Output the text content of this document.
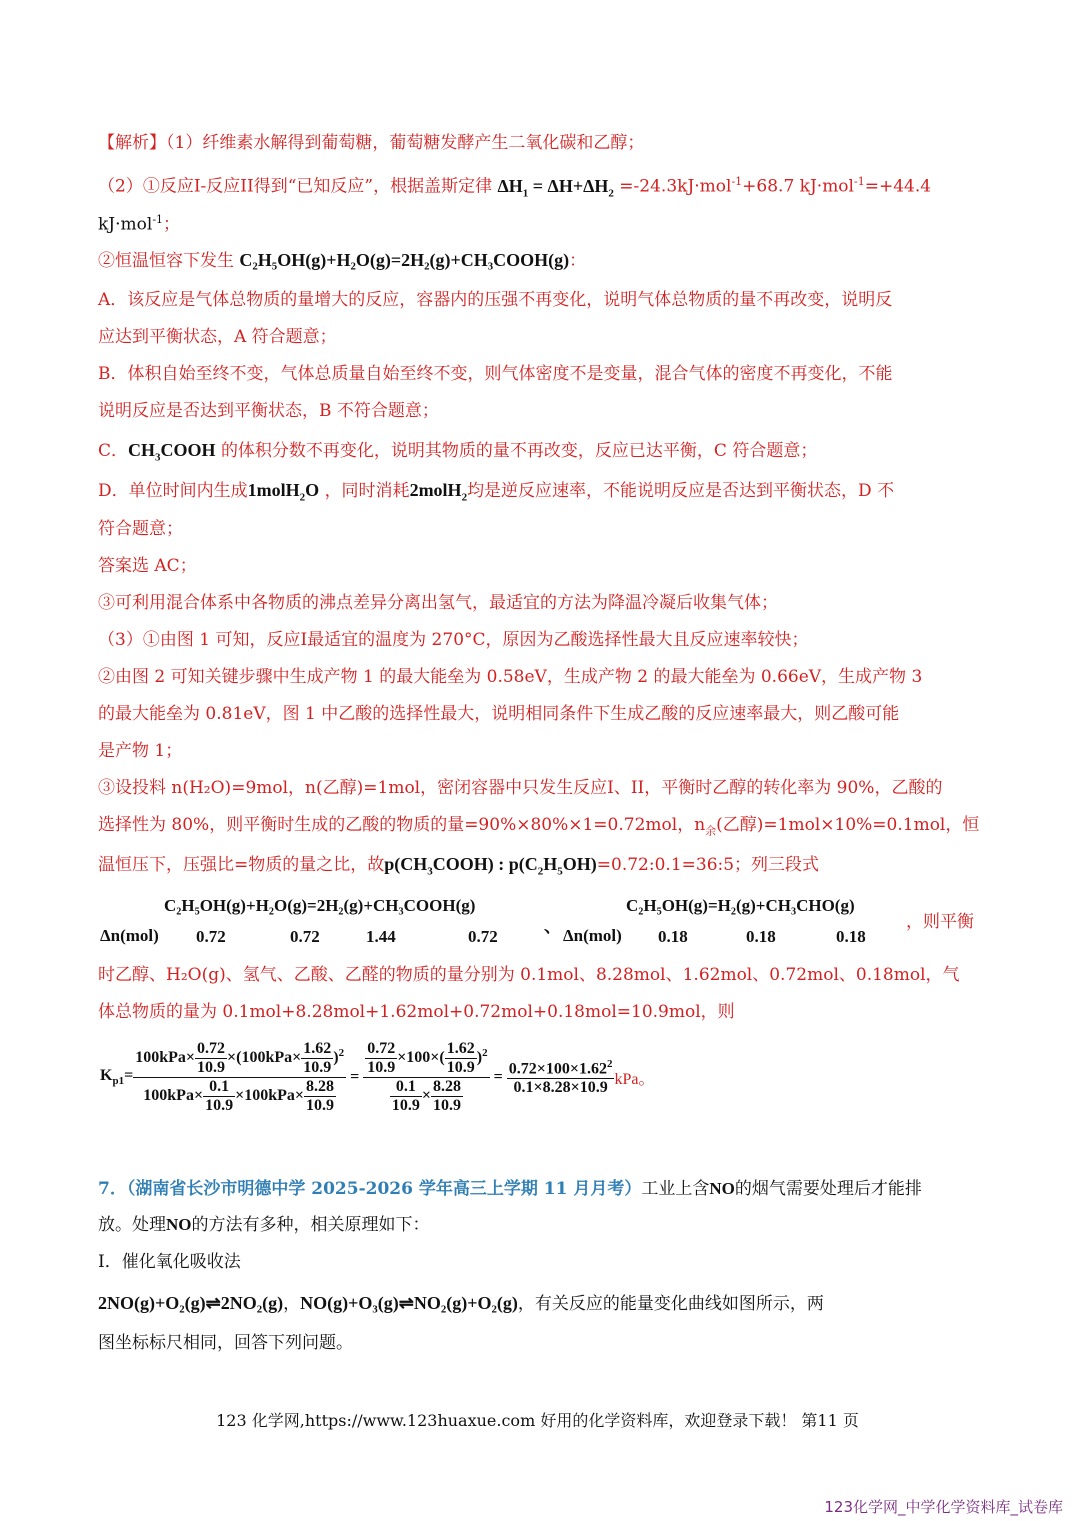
【解析】（1）纤维素水解得到葡萄糖，葡萄糖发酵产生二氧化碳和乙醇；
（2）①反应I-反应II得到“已知反应”，根据盖斯定律 $\Delta H_1 = \Delta H+\Delta H_2 =-24.3kJ\cdot mol^{-1}+68.7$ kJ·mol$^{-1}$=+44.4
kJ·mol$^{-1}$；
②恒温恒容下发生 C₂H₅OH(g)+H₂O(g)=2H₂(g)+CH₃COOH(g)：
A．该反应是气体总物质的量增大的反应，容器内的压强不再变化，说明气体总物质的量不再改变，说明反
应达到平衡状态，A 符合题意；
B．体积自始至终不变，气体总质量自始至终不变，则气体密度不是变量，混合气体的密度不再变化，不能
说明反应是否达到平衡状态，B 不符合题意；
C．$CH_3COOH$ 的体积分数不再变化，说明其物质的量不再改变，反应已达平衡，C 符合题意；
D．单位时间内生成1molH$_2$O ，同时消耗2molH$_2$均是逆反应速率，不能说明反应是否达到平衡状态，D 不
符合题意；
答案选 AC；
③可利用混合体系中各物质的沸点差异分离出氢气，最适宜的方法为降温冷凝后收集气体；
（3）①由图 1 可知，反应I最适宜的温度为 270°C，原因为乙酸选择性最大且反应速率较快；
②由图 2 可知关键步骤中生成产物 1 的最大能垒为 0.58eV，生成产物 2 的最大能垒为 0.66eV，生成产物 3
的最大能垒为 0.81eV，图 1 中乙酸的选择性最大，说明相同条件下生成乙酸的反应速率最大，则乙酸可能
是产物 1；
③设投料 n(H₂O)=9mol，n(乙醇)=1mol，密闭容器中只发生反应I、II，平衡时乙醇的转化率为 90%，乙酸的
选择性为 80%，则平衡时生成的乙酸的物质的量=90%×80%×1=0.72mol，$n_余$(乙醇)=1mol×10%=0.1mol，恒
温恒压下，压强比=物质的量之比，故$p(CH_3COOH)$ : $p(C_2H_5OH)=0.72:0.1=36:5$；列三段式
C₂H₅OH(g)+H₂O(g)=2H₂(g)+CH₃COOH(g)
Δn(mol) 0.72	0.72	1.44	0.72
、
C₂H₅OH(g)=H₂(g)+CH₃CHO(g)
Δn(mol) 0.18	0.18	0.18
，则平衡
时乙醇、H₂O(g)、氢气、乙酸、乙醛的物质的量分别为 0.1mol、8.28mol、1.62mol、0.72mol、0.18mol，气
体总物质的量为 0.1mol+8.28mol+1.62mol+0.72mol+0.18mol=10.9mol，则
$K_{p1}= \frac{100kPa\times \frac{0.72}{10.9} \times(100kPa\times \frac{1.62}{10.9} )^2}{100kPa\times \frac{0.1}{10.9} \times 100kPa\times \frac{8.28}{10.9}} = \frac{\frac{0.72}{10.9} \times 100\times( \frac{1.62}{10.9} )^2}{\frac{0.1}{10.9} \times \frac{8.28}{10.9}} = \frac{0.72\times 100\times 1.62^2}{0.1\times 8.28\times 10.9}$ kPa。
7．（湖南省长沙市明德中学 2025-2026 学年高三上学期 11 月月考）工业上含NO的烟气需要处理后才能排
放。处理NO的方法有多种，相关原理如下：
I．催化氧化吸收法
2NO(g)+O₂(g)⇌2NO₂(g)，NO(g)+O₃(g)⇌NO₂(g)+O₂(g)，有关反应的能量变化曲线如图所示，两
图坐标标尺相同，回答下列问题。
123 化学网,https://www.123huaxue.com 好用的化学资料库，欢迎登录下载！ 第11 页
123化学网_中学化学资料库_试卷库
